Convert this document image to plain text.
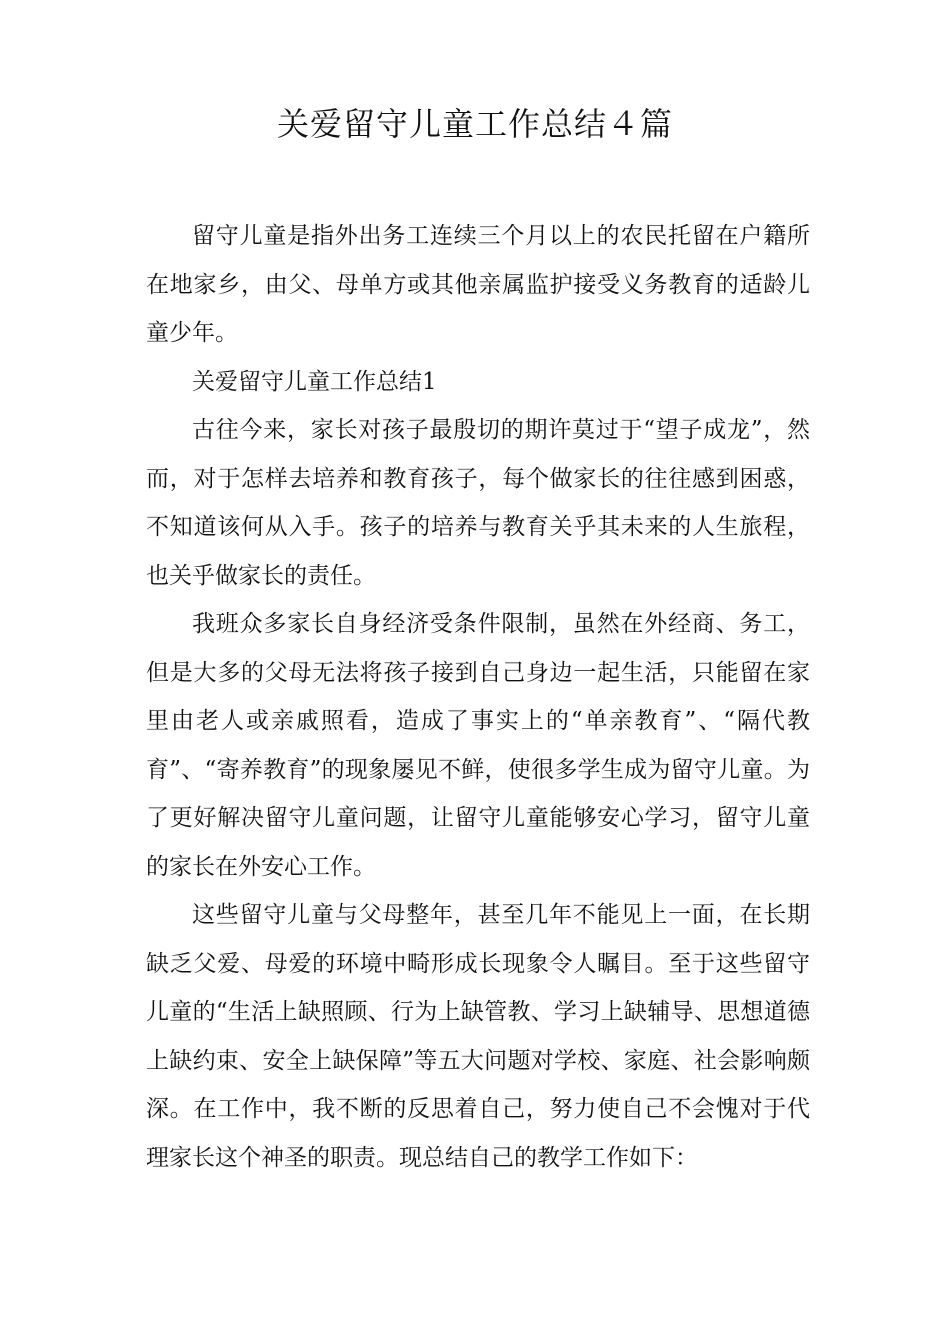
关爱留守儿童工作总结４篇

留守儿童是指外出务工连续三个月以上的农民托留在户籍所在地家乡，由父、母单方或其他亲属监护接受义务教育的适龄儿童少年。

关爱留守儿童工作总结1

古往今来，家长对孩子最殷切的期许莫过于“望子成龙”，然而，对于怎样去培养和教育孩子，每个做家长的往往感到困惑，不知道该何从入手。孩子的培养与教育关乎其未来的人生旅程，也关乎做家长的责任。

我班众多家长自身经济受条件限制，虽然在外经商、务工，但是大多的父母无法将孩子接到自己身边一起生活，只能留在家里由老人或亲戚照看，造成了事实上的“单亲教育”、“隔代教育”、“寄养教育”的现象屡见不鲜，使很多学生成为留守儿童。为了更好解决留守儿童问题，让留守儿童能够安心学习，留守儿童的家长在外安心工作。

这些留守儿童与父母整年，甚至几年不能见上一面，在长期缺乏父爱、母爱的环境中畸形成长现象令人瞩目。至于这些留守儿童的“生活上缺照顾、行为上缺管教、学习上缺辅导、思想道德上缺约束、安全上缺保障”等五大问题对学校、家庭、社会影响颇深。在工作中，我不断的反思着自己，努力使自己不会愧对于代理家长这个神圣的职责。现总结自己的教学工作如下：
